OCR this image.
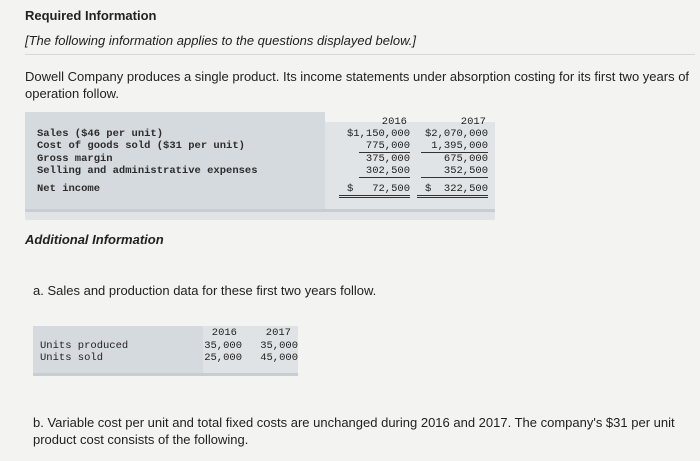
Required Information
[The following information applies to the questions displayed below.]
Dowell Company produces a single product. Its income statements under absorption costing for its first two years of operation follow.
2016	2017
Sales ($46 per unit)	$1,150,000	$2,070,000
Cost of goods sold ($31 per unit)	775,000	1,395,000
Gross margin	375,000	675,000
Selling and administrative expenses	302,500	352,500
Net income	$   72,500	$  322,500
Additional Information
a. Sales and production data for these first two years follow.
2016	2017
Units produced	35,000	35,000
Units sold	25,000	45,000
b. Variable cost per unit and total fixed costs are unchanged during 2016 and 2017. The company's $31 per unit product cost consists of the following.
